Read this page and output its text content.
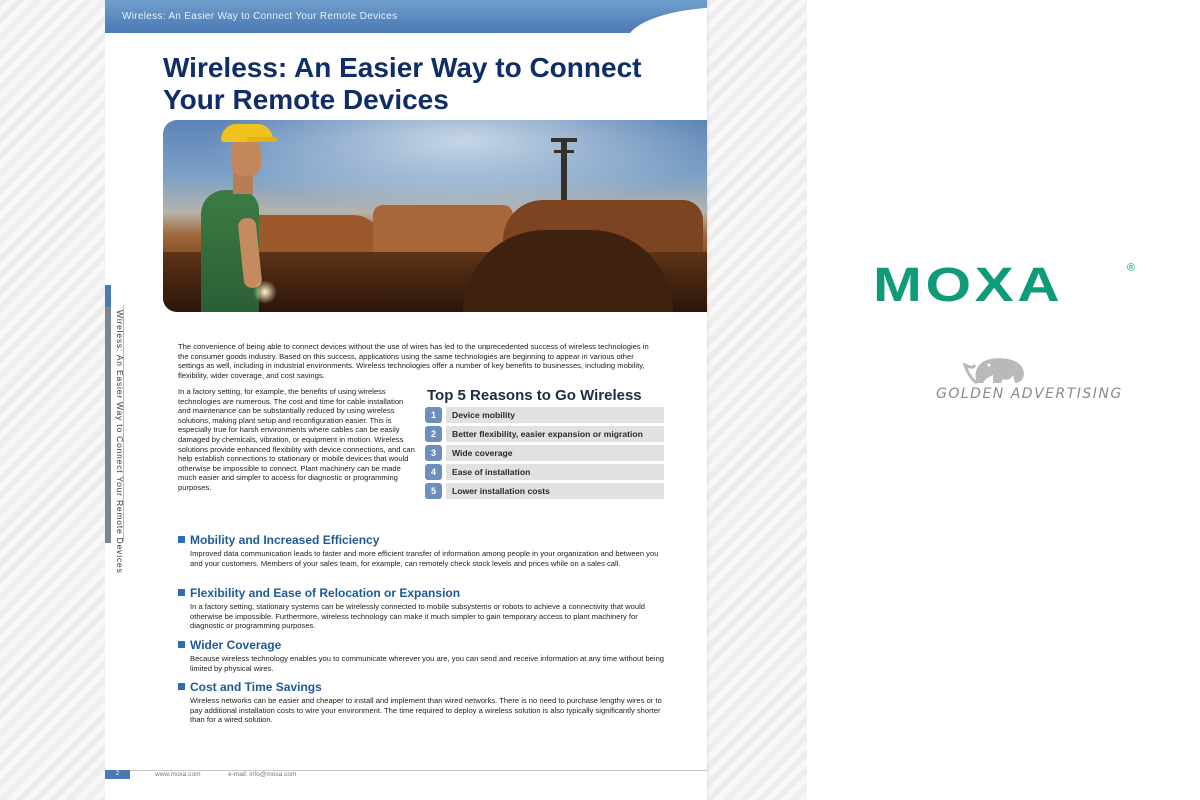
Wireless: An Easier Way to Connect Your Remote Devices
Wireless: An Easier Way to Connect Your Remote Devices
Wireless: An Easier Way to Connect Your Remote Devices	The convenience of being able to connect devices without the use of wires has led to the unprecedented success of wireless technologies in the consumer goods industry. Based on this success, applications using the same technologies are beginning to appear in various other settings as well, including in industrial environments. Wireless technologies offer a number of key benefits to businesses, including mobility, flexibility, wider coverage, and cost savings.

In a factory setting, for example, the benefits of using wireless technologies are numerous. The cost and time for cable installation and maintenance can be substantially reduced by using wireless solutions, making plant setup and reconfiguration easier. This is especially true for harsh environments where cables can be easily damaged by chemicals, vibration, or equipment in motion. Wireless solutions provide enhanced flexibility with device connections, and can help establish connections to stationary or mobile devices that would otherwise be impossible to connect. Plant machinery can be made much easier and simpler to access for diagnostic or programming purposes.

Top 5 Reasons to Go Wireless
1	Device mobility
2	Better flexibility, easier expansion or migration
3	Wide coverage
4	Ease of installation
5	Lower installation costs
Mobility and Increased Efficiency

Improved data communication leads to faster and more efficient transfer of information among people in your organization and between you and your customers. Members of your sales team, for example, can remotely check stock levels and prices while on a sales call.

Flexibility and Ease of Relocation or Expansion

In a factory setting, stationary systems can be wirelessly connected to mobile subsystems or robots to achieve a connectivity that would otherwise be impossible. Furthermore, wireless technology can make it much simpler to gain temporary access to plant machinery for diagnostic or programming purposes.

Wider Coverage

Because wireless technology enables you to communicate wherever you are, you can send and receive information at any time without being limited by physical wires.

Cost and Time Savings

Wireless networks can be easier and cheaper to install and implement than wired networks. There is no need to purchase lengthy wires or to pay additional installation costs to wire your environment. The time required to deploy a wireless solution is also typically significantly shorter than for a wired solution.

2	www.moxa.com	e-mail: info@moxa.com
MOXA	®
GOLDEN ADVERTISING
